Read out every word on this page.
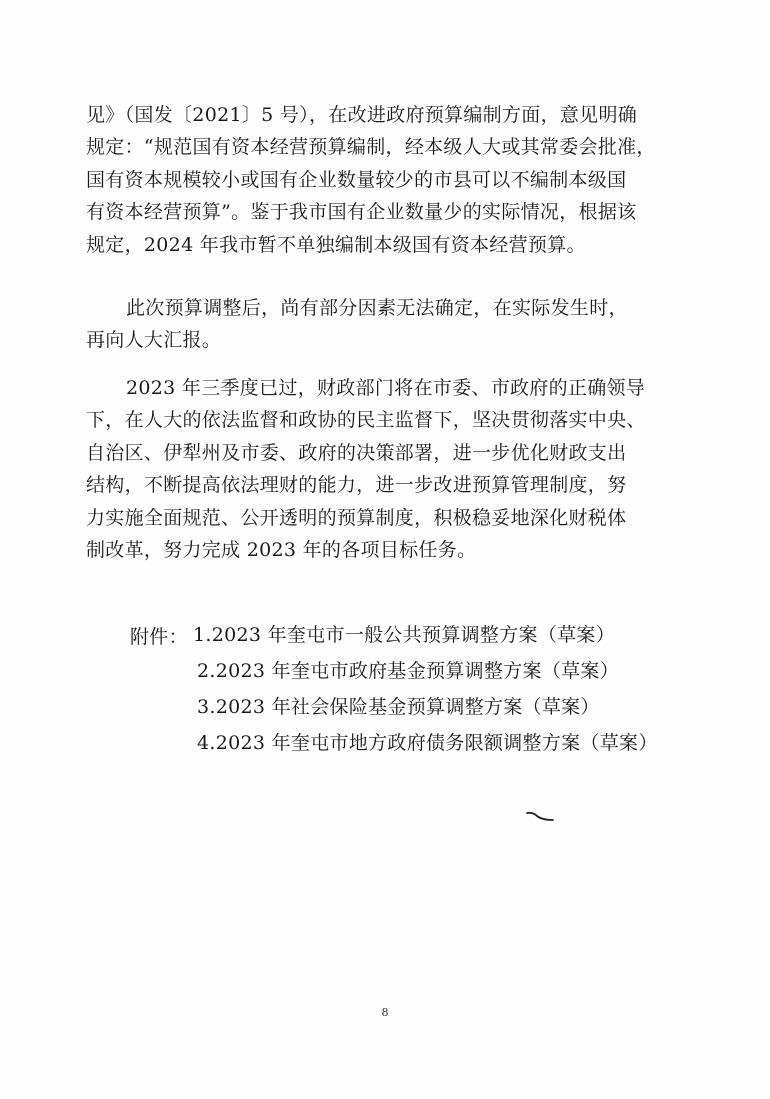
见》（国发〔2021〕5 号），在改进政府预算编制方面，意见明确
规定：“规范国有资本经营预算编制，经本级人大或其常委会批准，
国有资本规模较小或国有企业数量较少的市县可以不编制本级国
有资本经营预算”。鉴于我市国有企业数量少的实际情况，根据该
规定，2024 年我市暂不单独编制本级国有资本经营预算。

此次预算调整后，尚有部分因素无法确定，在实际发生时，
再向人大汇报。

2023 年三季度已过，财政部门将在市委、市政府的正确领导
下，在人大的依法监督和政协的民主监督下，坚决贯彻落实中央、
自治区、伊犁州及市委、政府的决策部署，进一步优化财政支出
结构，不断提高依法理财的能力，进一步改进预算管理制度，努
力实施全面规范、公开透明的预算制度，积极稳妥地深化财税体
制改革，努力完成 2023 年的各项目标任务。

附件： 1.2023 年奎屯市一般公共预算调整方案（草案）
2.2023 年奎屯市政府基金预算调整方案（草案）
3.2023 年社会保险基金预算调整方案（草案）
4.2023 年奎屯市地方政府债务限额调整方案（草案）
8
